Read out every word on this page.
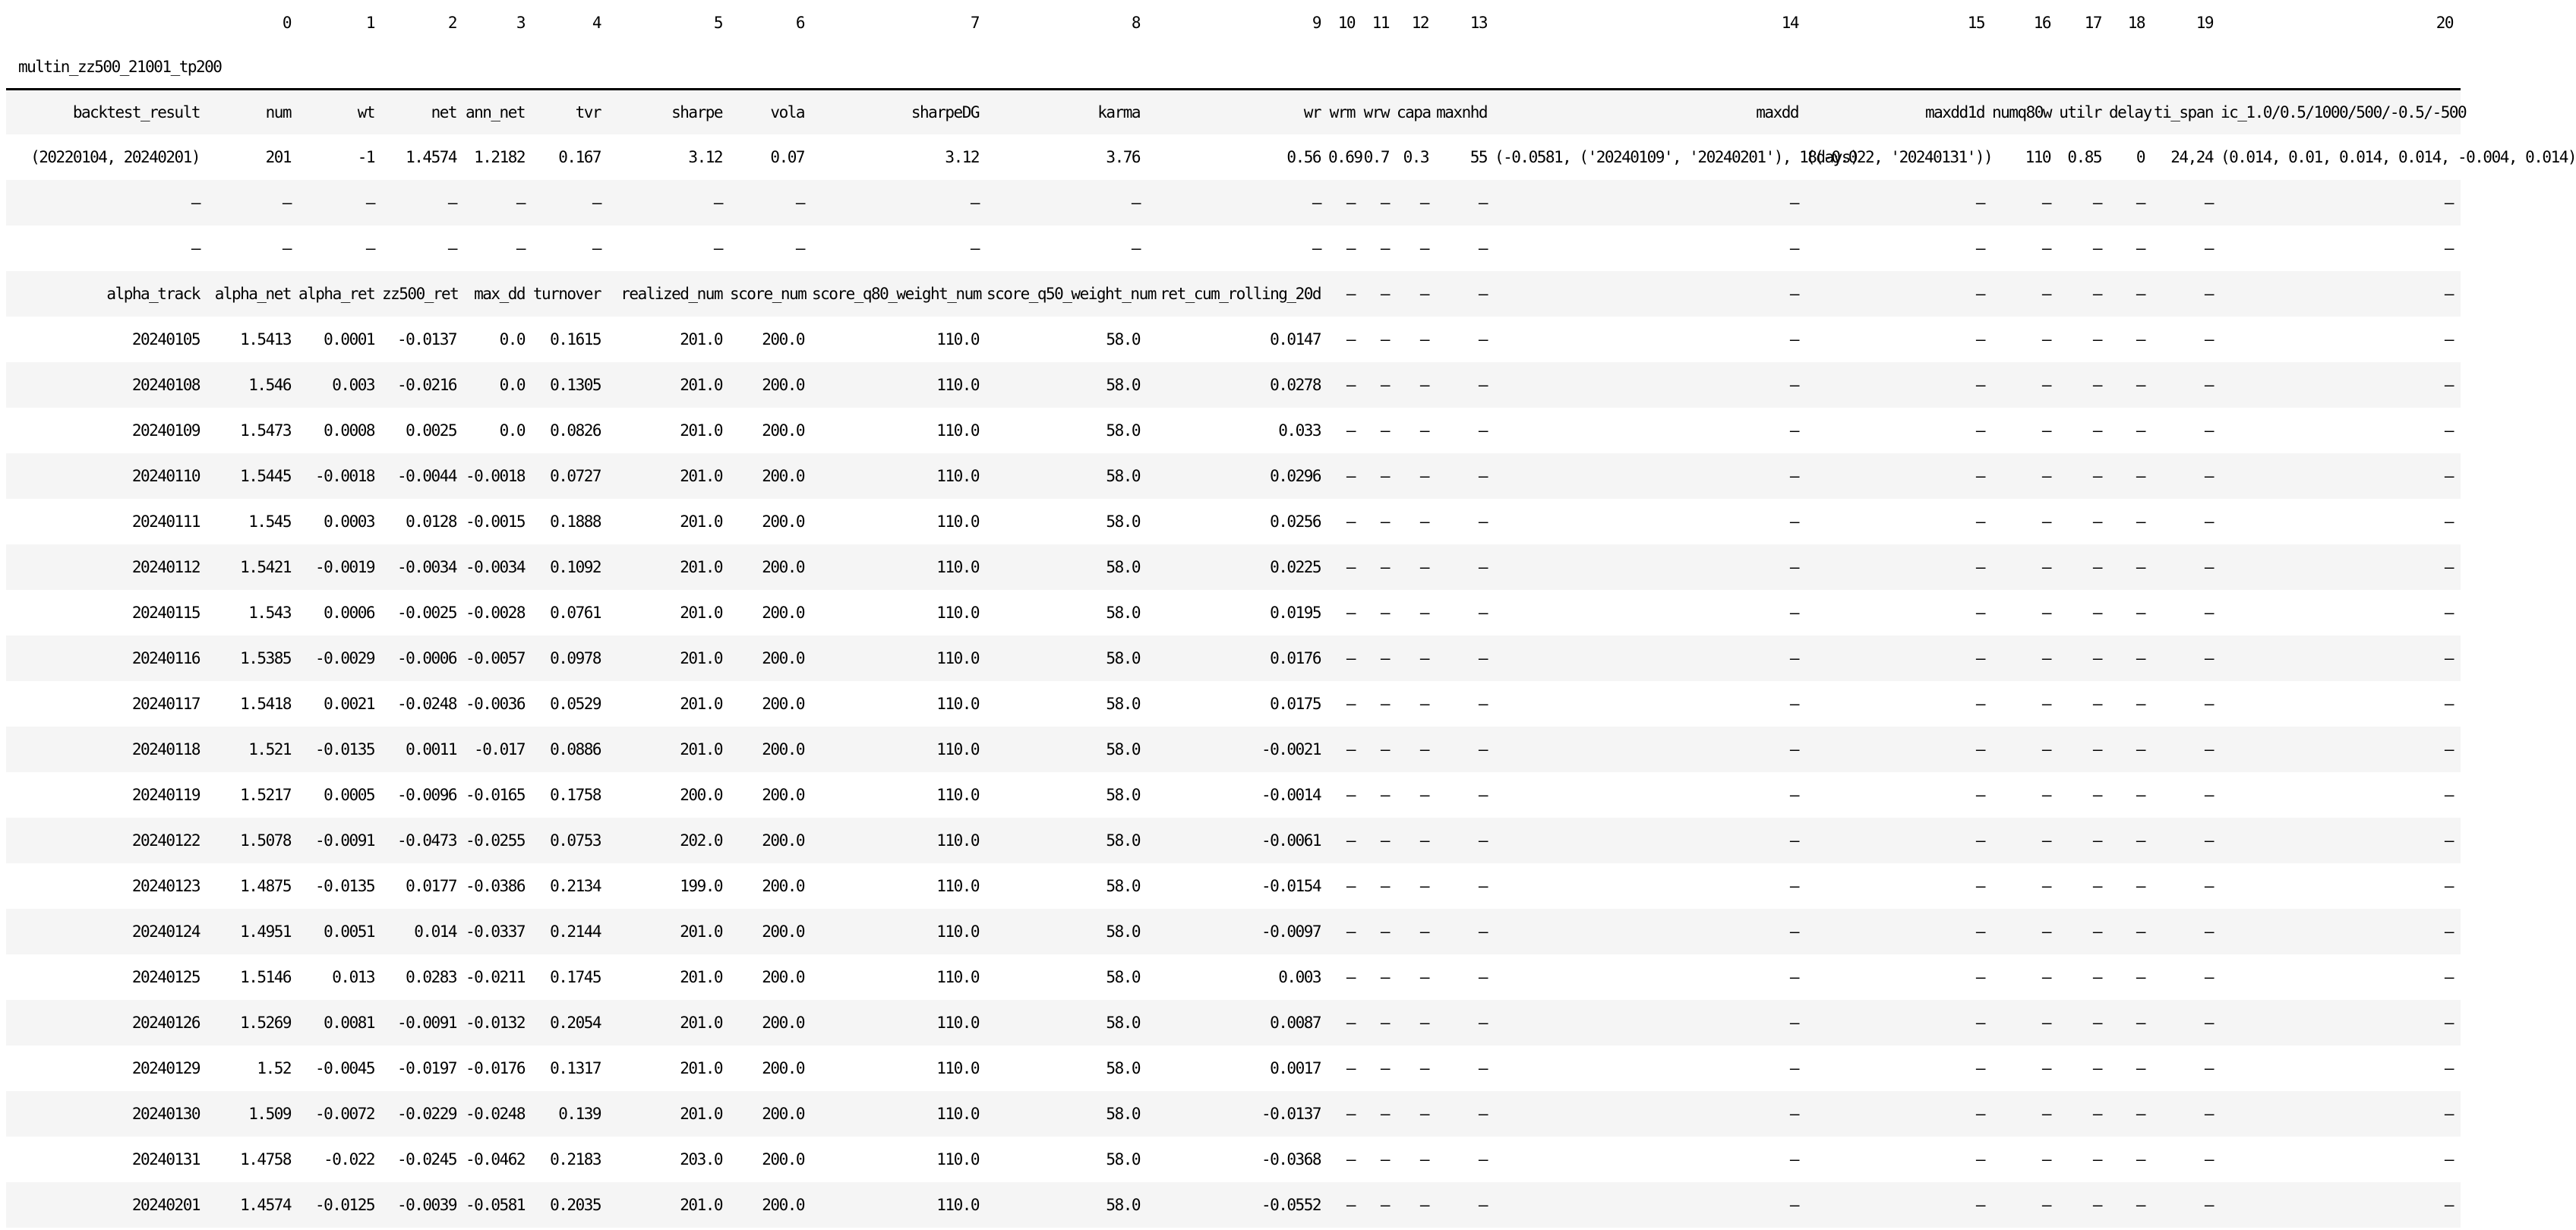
	0	1	2	3	4	5	6	7	8	9	10	11	12	13	14	15	16	17	18	19	20
multin_zz500_21001_tp200																					
backtest_result	num	wt	net	ann_net	tvr	sharpe	vola	sharpeDG	karma	wr	wrm	wrw	capa	maxnhd	maxdd	maxdd1d	numq80w	utilr	delay	ti_span	ic_1.0/0.5/1000/500/-0.5/-500
(20220104, 20240201)	201	-1	1.4574	1.2182	0.167	3.12	0.07	3.12	3.76	0.56	0.69	0.7	0.3	55	(-0.0581, ('20240109', '20240201'), 18days)	((-0.022, '20240131'))	110	0.85	0	24,24	(0.014, 0.01, 0.014, 0.014, -0.004, 0.014)
—	—	—	—	—	—	—	—	—	—	—	—	—	—	—	—	—	—	—	—	—	—
—	—	—	—	—	—	—	—	—	—	—	—	—	—	—	—	—	—	—	—	—	—
alpha_track	alpha_net	alpha_ret	zz500_ret	max_dd	turnover	realized_num	score_num	score_q80_weight_num	score_q50_weight_num	ret_cum_rolling_20d	—	—	—	—	—	—	—	—	—	—	—
20240105	1.5413	0.0001	-0.0137	0.0	0.1615	201.0	200.0	110.0	58.0	0.0147	—	—	—	—	—	—	—	—	—	—	—
20240108	1.546	0.003	-0.0216	0.0	0.1305	201.0	200.0	110.0	58.0	0.0278	—	—	—	—	—	—	—	—	—	—	—
20240109	1.5473	0.0008	0.0025	0.0	0.0826	201.0	200.0	110.0	58.0	0.033	—	—	—	—	—	—	—	—	—	—	—
20240110	1.5445	-0.0018	-0.0044	-0.0018	0.0727	201.0	200.0	110.0	58.0	0.0296	—	—	—	—	—	—	—	—	—	—	—
20240111	1.545	0.0003	0.0128	-0.0015	0.1888	201.0	200.0	110.0	58.0	0.0256	—	—	—	—	—	—	—	—	—	—	—
20240112	1.5421	-0.0019	-0.0034	-0.0034	0.1092	201.0	200.0	110.0	58.0	0.0225	—	—	—	—	—	—	—	—	—	—	—
20240115	1.543	0.0006	-0.0025	-0.0028	0.0761	201.0	200.0	110.0	58.0	0.0195	—	—	—	—	—	—	—	—	—	—	—
20240116	1.5385	-0.0029	-0.0006	-0.0057	0.0978	201.0	200.0	110.0	58.0	0.0176	—	—	—	—	—	—	—	—	—	—	—
20240117	1.5418	0.0021	-0.0248	-0.0036	0.0529	201.0	200.0	110.0	58.0	0.0175	—	—	—	—	—	—	—	—	—	—	—
20240118	1.521	-0.0135	0.0011	-0.017	0.0886	201.0	200.0	110.0	58.0	-0.0021	—	—	—	—	—	—	—	—	—	—	—
20240119	1.5217	0.0005	-0.0096	-0.0165	0.1758	200.0	200.0	110.0	58.0	-0.0014	—	—	—	—	—	—	—	—	—	—	—
20240122	1.5078	-0.0091	-0.0473	-0.0255	0.0753	202.0	200.0	110.0	58.0	-0.0061	—	—	—	—	—	—	—	—	—	—	—
20240123	1.4875	-0.0135	0.0177	-0.0386	0.2134	199.0	200.0	110.0	58.0	-0.0154	—	—	—	—	—	—	—	—	—	—	—
20240124	1.4951	0.0051	0.014	-0.0337	0.2144	201.0	200.0	110.0	58.0	-0.0097	—	—	—	—	—	—	—	—	—	—	—
20240125	1.5146	0.013	0.0283	-0.0211	0.1745	201.0	200.0	110.0	58.0	0.003	—	—	—	—	—	—	—	—	—	—	—
20240126	1.5269	0.0081	-0.0091	-0.0132	0.2054	201.0	200.0	110.0	58.0	0.0087	—	—	—	—	—	—	—	—	—	—	—
20240129	1.52	-0.0045	-0.0197	-0.0176	0.1317	201.0	200.0	110.0	58.0	0.0017	—	—	—	—	—	—	—	—	—	—	—
20240130	1.509	-0.0072	-0.0229	-0.0248	0.139	201.0	200.0	110.0	58.0	-0.0137	—	—	—	—	—	—	—	—	—	—	—
20240131	1.4758	-0.022	-0.0245	-0.0462	0.2183	203.0	200.0	110.0	58.0	-0.0368	—	—	—	—	—	—	—	—	—	—	—
20240201	1.4574	-0.0125	-0.0039	-0.0581	0.2035	201.0	200.0	110.0	58.0	-0.0552	—	—	—	—	—	—	—	—	—	—	—
